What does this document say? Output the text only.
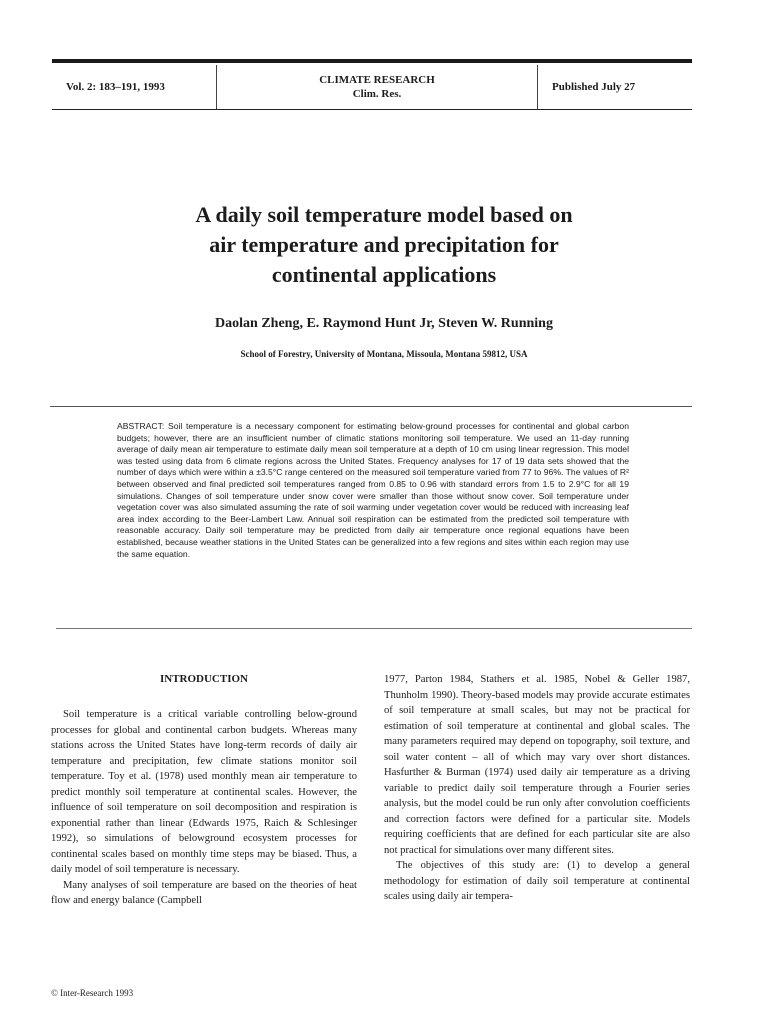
Vol. 2: 183–191, 1993
CLIMATE RESEARCH
Clim. Res.
Published July 27
A daily soil temperature model based on
air temperature and precipitation for
continental applications
Daolan Zheng, E. Raymond Hunt Jr, Steven W. Running
School of Forestry, University of Montana, Missoula, Montana 59812, USA
ABSTRACT: Soil temperature is a necessary component for estimating below-ground processes for continental and global carbon budgets; however, there are an insufficient number of climatic stations monitoring soil temperature. We used an 11-day running average of daily mean air temperature to estimate daily mean soil temperature at a depth of 10 cm using linear regression. This model was tested using data from 6 climate regions across the United States. Frequency analyses for 17 of 19 data sets showed that the number of days which were within a ±3.5°C range centered on the measured soil temperature varied from 77 to 96%. The values of R² between observed and final predicted soil temperatures ranged from 0.85 to 0.96 with standard errors from 1.5 to 2.9°C for all 19 simulations. Changes of soil temperature under snow cover were smaller than those without snow cover. Soil temperature under vegetation cover was also simulated assuming the rate of soil warming under vegetation cover would be reduced with increasing leaf area index according to the Beer-Lambert Law. Annual soil respiration can be estimated from the predicted soil temperature with reasonable accuracy. Daily soil temperature may be predicted from daily air temperature once regional equations have been established, because weather stations in the United States can be generalized into a few regions and sites within each region may use the same equation.
INTRODUCTION

Soil temperature is a critical variable controlling below-ground processes for global and continental carbon budgets. Whereas many stations across the United States have long-term records of daily air temperature and precipitation, few climate stations monitor soil temperature. Toy et al. (1978) used monthly mean air temperature to predict monthly soil temperature at continental scales. However, the influence of soil temperature on soil decomposition and respiration is exponential rather than linear (Edwards 1975, Raich & Schlesinger 1992), so simulations of belowground ecosystem processes for continental scales based on monthly time steps may be biased. Thus, a daily model of soil temperature is necessary.

Many analyses of soil temperature are based on the theories of heat flow and energy balance (Campbell

1977, Parton 1984, Stathers et al. 1985, Nobel & Geller 1987, Thunholm 1990). Theory-based models may provide accurate estimates of soil temperature at small scales, but may not be practical for estimation of soil temperature at continental and global scales. The many parameters required may depend on topography, soil texture, and soil water content – all of which may vary over short distances. Hasfurther & Burman (1974) used daily air temperature as a driving variable to predict daily soil temperature through a Fourier series analysis, but the model could be run only after convolution coefficients and correction factors were defined for a particular site. Models requiring coefficients that are defined for each particular site are also not practical for simulations over many different sites.

The objectives of this study are: (1) to develop a general methodology for estimation of daily soil temperature at continental scales using daily air tempera-

© Inter-Research 1993
